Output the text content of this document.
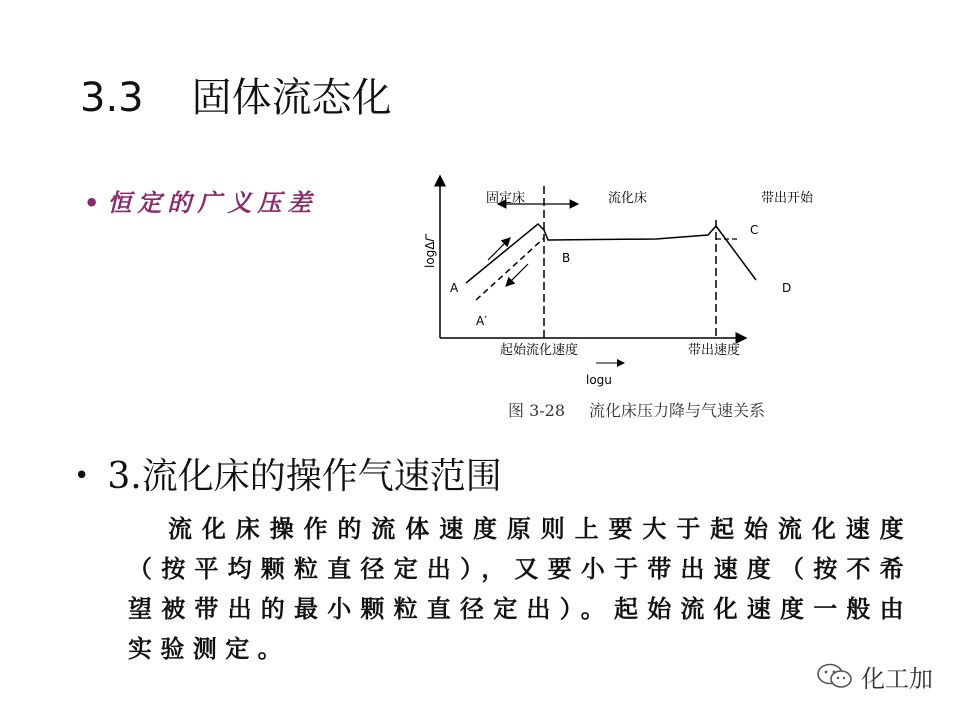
3.3 固体流态化
• 恒定的广义压差	固定床	流化床	带出开始
logΔ𝛤
A
A′
B
C
D
起始流化速度	带出速度
logu
图 3-28 流化床压力降与气速关系
• 3.流化床的操作气速范围
流化床操作的流体速度原则上要大于起始流化速度（按平均颗粒直径定出），又要小于带出速度（按不希望被带出的最小颗粒直径定出）。起始流化速度一般由实验测定。
化工加
